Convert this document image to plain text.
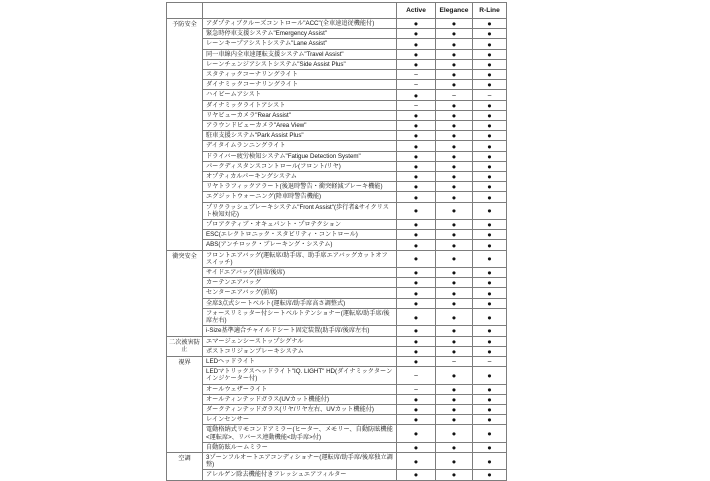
		Active	Elegance	R-Line
予防安全	アダプティブクルーズコントロール"ACC"(全車速追従機能付)	●	●	●
	緊急時停車支援システム"Emergency Assist"	●	●	●
	レーンキープアシストシステム"Lane Assist"	●	●	●
	同一車線内全車速運転支援システム"Travel Assist"	●	●	●
	レーンチェンジアシストシステム"Side Assist Plus"	●	●	●
	スタティックコーナリングライト	−	●	●
	ダイナミックコーナリングライト	−	●	●
	ハイビームアシスト	●	−	−
	ダイナミックライトアシスト	−	●	●
	リヤビューカメラ"Rear Assist"	●	●	●
	アラウンドビューカメラ"Area View"	●	●	●
	駐車支援システム"Park Assist Plus"	●	●	●
	デイタイムランニングライト	●	●	●
	ドライバー疲労検知システム"Fatigue Detection System"	●	●	●
	パークディスタンスコントロール(フロント/リヤ)	●	●	●
	オプティカルパーキングシステム	●	●	●
	リヤトラフィックアラート(後退時警告・衝突軽減ブレーキ機能)	●	●	●
	エグジットウォーニング(降車時警告機能)	●	●	●
	プリクラッシュブレーキシステム"Front Assist"(歩行者&サイクリスト検知対応)	●	●	●
	プロアクティブ・オキュパント・プロテクション	●	●	●
	ESC(エレクトロニック・スタビリティ・コントロール)	●	●	●
	ABS(アンチロック・ブレーキング・システム)	●	●	●
衝突安全	フロントエアバッグ(運転席/助手席、助手席エアバッグカットオフスイッチ)	●	●	●
	サイドエアバッグ(前席/後席)	●	●	●
	カーテンエアバッグ	●	●	●
	センターエアバッグ(前席)	●	●	●
	全席3点式シートベルト(運転席/助手席高さ調整式)	●	●	●
	フォースリミッター付シートベルトテンショナー(運転席/助手席/後席左右)	●	●	●
	i-Size基準適合チャイルドシート固定装置(助手席/後席左右)	●	●	●
二次被害防止	エマージェンシーストップシグナル	●	●	●
	ポストコリジョンブレーキシステム	●	●	●
視界	LEDヘッドライト	●	−	−
	LEDマトリックスヘッドライト"IQ. LIGHT" HD(ダイナミックターンインジケーター付)	−	●	●
	オールウェザーライト	−	●	●
	オールティンテッドガラス(UVカット機能付)	●	●	●
	ダークティンテッドガラス(リヤ/リヤ左右、UVカット機能付)	●	●	●
	レインセンサー	●	●	●
	電動格納式リモコンドアミラー(ヒーター、メモリー、自動防眩機能<運転席>、リバース連動機能<助手席>付)	●	●	●
	自動防眩ルームミラー	●	●	●
空調	3ゾーンフルオートエアコンディショナー(運転席/助手席/後席独立調整)	●	●	●
	アレルゲン除去機能付きフレッシュエアフィルター	●	●	●
